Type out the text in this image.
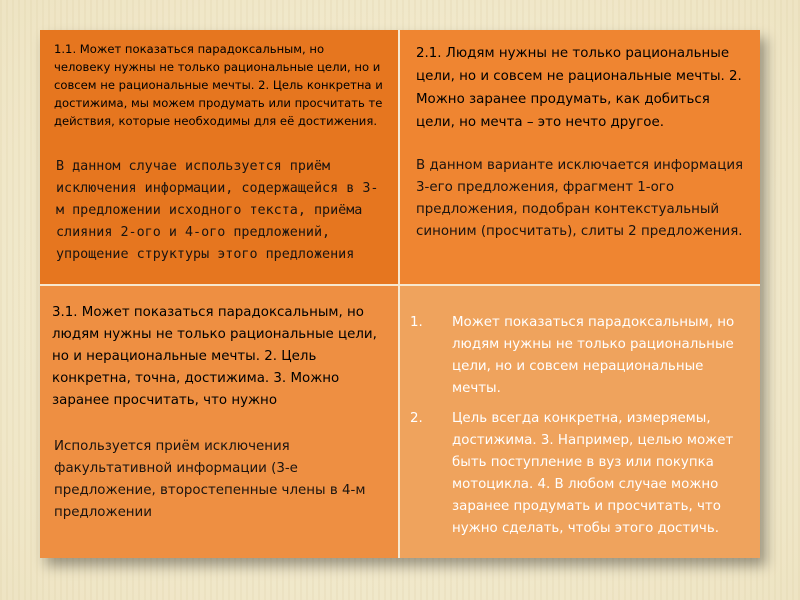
1.1. Может показаться парадоксальным, но человеку нужны не только рациональные цели, но и совсем не рациональные мечты. 2. Цель конкретна и достижима, мы можем продумать или просчитать те действия, которые необходимы для её достижения.

В данном случае используется приём исключения информации, содержащейся в 3-м предложении исходного текста, приёма слияния 2-ого и 4-ого предложений, упрощение структуры этого предложения

2.1. Людям нужны не только рациональные цели, но и совсем не рациональные мечты. 2. Можно заранее продумать, как добиться цели, но мечта – это нечто другое.

В данном варианте исключается информация 3-его предложения, фрагмент 1-ого предложения, подобран контекстуальный синоним (просчитать), слиты 2 предложения.

3.1. Может показаться парадоксальным, но людям нужны не только рациональные цели, но и нерациональные мечты. 2. Цель конкретна, точна, достижима. 3. Можно заранее просчитать, что нужно

Используется приём исключения факультативной информации (3-е предложение, второстепенные члены в 4-м предложении

1. Может показаться парадоксальным, но людям нужны не только рациональные цели, но и совсем нерациональные мечты.
2. Цель всегда конкретна, измеряемы, достижима. 3. Например, целью может быть поступление в вуз или покупка мотоцикла. 4. В любом случае можно заранее продумать и просчитать, что нужно сделать, чтобы этого достичь.
